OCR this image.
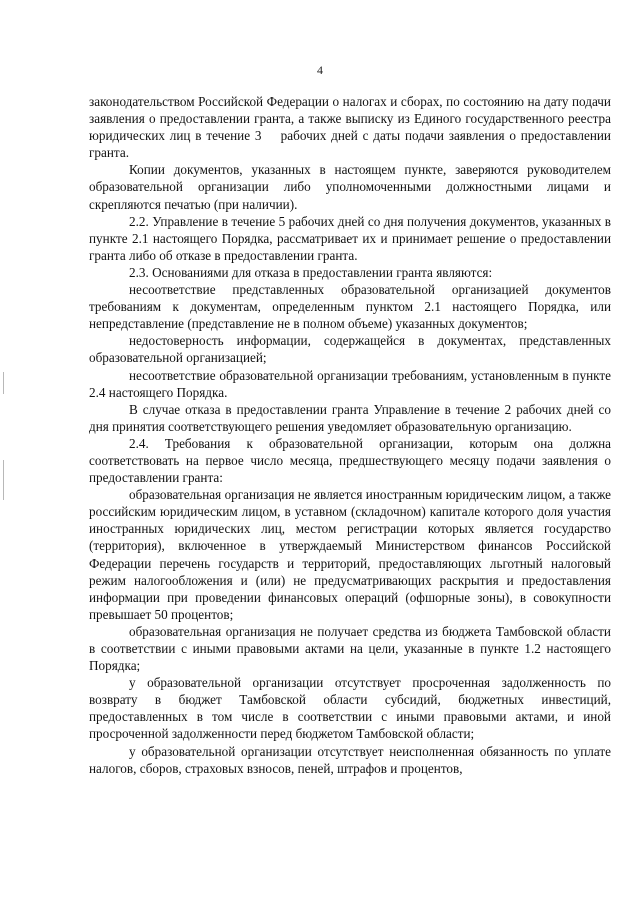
4

законодательством Российской Федерации о налогах и сборах, по состоянию на дату подачи заявления о предоставлении гранта, а также выписку из Единого государственного реестра юридических лиц в течение 3    рабочих дней с даты подачи заявления о предоставлении гранта.

Копии документов, указанных в настоящем пункте, заверяются руководителем образовательной организации либо уполномоченными должностными лицами и скрепляются печатью (при наличии).

2.2. Управление в течение 5 рабочих дней со дня получения документов, указанных в пункте 2.1 настоящего Порядка, рассматривает их и принимает решение о предоставлении гранта либо об отказе в предоставлении гранта.

2.3. Основаниями для отказа в предоставлении гранта являются:

несоответствие представленных образовательной организацией документов требованиям к документам, определенным пунктом 2.1 настоящего Порядка, или непредставление (представление не в полном объеме) указанных документов;

недостоверность информации, содержащейся в документах, представленных образовательной организацией;

несоответствие образовательной организации требованиям, установленным в пункте 2.4 настоящего Порядка.

В случае отказа в предоставлении гранта Управление в течение 2 рабочих дней со дня принятия соответствующего решения уведомляет образовательную организацию.

2.4. Требования к образовательной организации, которым она должна соответствовать на первое число месяца, предшествующего месяцу подачи заявления о предоставлении гранта:

образовательная организация не является иностранным юридическим лицом, а также российским юридическим лицом, в уставном (складочном) капитале которого доля участия иностранных юридических лиц, местом регистрации которых является государство (территория), включенное в утверждаемый Министерством финансов Российской Федерации перечень государств и территорий, предоставляющих льготный налоговый режим налогообложения и (или) не предусматривающих раскрытия и предоставления информации при проведении финансовых операций (офшорные зоны), в совокупности превышает 50 процентов;

образовательная организация не получает средства из бюджета Тамбовской области в соответствии с иными правовыми актами на цели, указанные в пункте 1.2 настоящего Порядка;

у образовательной организации отсутствует просроченная задолженность по возврату в бюджет Тамбовской области субсидий, бюджетных инвестиций, предоставленных в том числе в соответствии с иными правовыми актами, и иной просроченной задолженности перед бюджетом Тамбовской области;

у образовательной организации отсутствует неисполненная обязанность по уплате налогов, сборов, страховых взносов, пеней, штрафов и процентов,
